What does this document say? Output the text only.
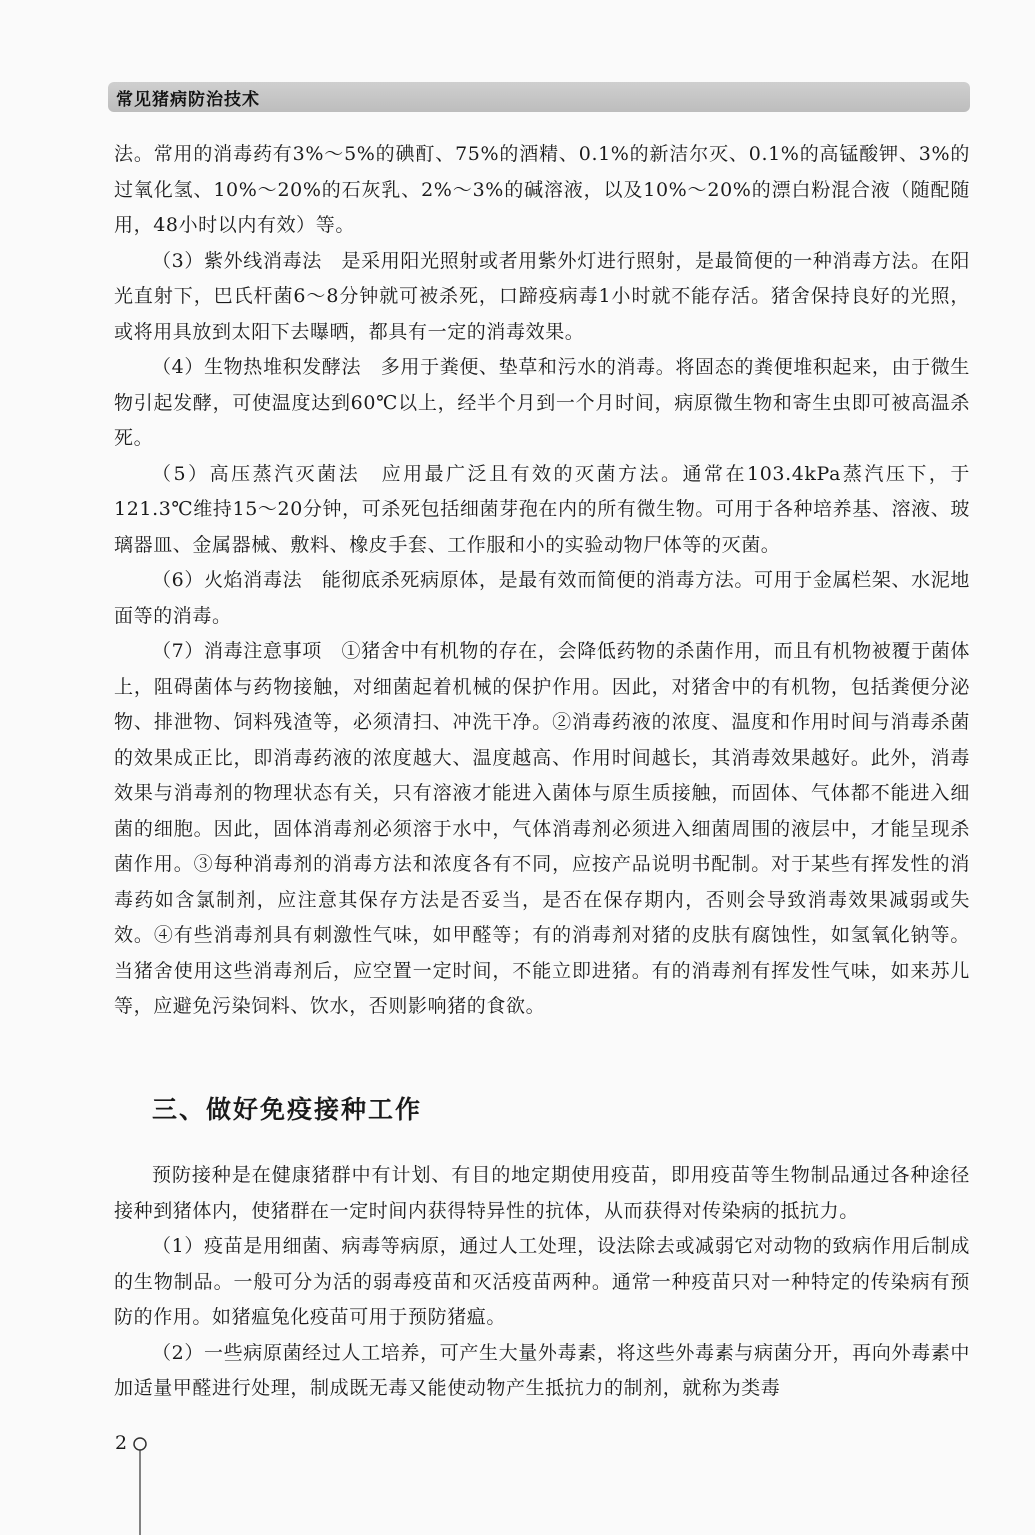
常见猪病防治技术

法。常用的消毒药有3%～5%的碘酊、75%的酒精、0.1%的新洁尔灭、0.1%的高锰酸钾、3%的过氧化氢、10%～20%的石灰乳、2%～3%的碱溶液，以及10%～20%的漂白粉混合液（随配随用，48小时以内有效）等。

（3）紫外线消毒法　是采用阳光照射或者用紫外灯进行照射，是最简便的一种消毒方法。在阳光直射下，巴氏杆菌6～8分钟就可被杀死，口蹄疫病毒1小时就不能存活。猪舍保持良好的光照，或将用具放到太阳下去曝晒，都具有一定的消毒效果。

（4）生物热堆积发酵法　多用于粪便、垫草和污水的消毒。将固态的粪便堆积起来，由于微生物引起发酵，可使温度达到60℃以上，经半个月到一个月时间，病原微生物和寄生虫即可被高温杀死。

（5）高压蒸汽灭菌法　应用最广泛且有效的灭菌方法。通常在103.4kPa蒸汽压下，于121.3℃维持15～20分钟，可杀死包括细菌芽孢在内的所有微生物。可用于各种培养基、溶液、玻璃器皿、金属器械、敷料、橡皮手套、工作服和小的实验动物尸体等的灭菌。

（6）火焰消毒法　能彻底杀死病原体，是最有效而简便的消毒方法。可用于金属栏架、水泥地面等的消毒。

（7）消毒注意事项　①猪舍中有机物的存在，会降低药物的杀菌作用，而且有机物被覆于菌体上，阻碍菌体与药物接触，对细菌起着机械的保护作用。因此，对猪舍中的有机物，包括粪便分泌物、排泄物、饲料残渣等，必须清扫、冲洗干净。②消毒药液的浓度、温度和作用时间与消毒杀菌的效果成正比，即消毒药液的浓度越大、温度越高、作用时间越长，其消毒效果越好。此外，消毒效果与消毒剂的物理状态有关，只有溶液才能进入菌体与原生质接触，而固体、气体都不能进入细菌的细胞。因此，固体消毒剂必须溶于水中，气体消毒剂必须进入细菌周围的液层中，才能呈现杀菌作用。③每种消毒剂的消毒方法和浓度各有不同，应按产品说明书配制。对于某些有挥发性的消毒药如含氯制剂，应注意其保存方法是否妥当，是否在保存期内，否则会导致消毒效果减弱或失效。④有些消毒剂具有刺激性气味，如甲醛等；有的消毒剂对猪的皮肤有腐蚀性，如氢氧化钠等。当猪舍使用这些消毒剂后，应空置一定时间，不能立即进猪。有的消毒剂有挥发性气味，如来苏儿等，应避免污染饲料、饮水，否则影响猪的食欲。

三、做好免疫接种工作

预防接种是在健康猪群中有计划、有目的地定期使用疫苗，即用疫苗等生物制品通过各种途径接种到猪体内，使猪群在一定时间内获得特异性的抗体，从而获得对传染病的抵抗力。

（1）疫苗是用细菌、病毒等病原，通过人工处理，设法除去或减弱它对动物的致病作用后制成的生物制品。一般可分为活的弱毒疫苗和灭活疫苗两种。通常一种疫苗只对一种特定的传染病有预防的作用。如猪瘟兔化疫苗可用于预防猪瘟。

（2）一些病原菌经过人工培养，可产生大量外毒素，将这些外毒素与病菌分开，再向外毒素中加适量甲醛进行处理，制成既无毒又能使动物产生抵抗力的制剂，就称为类毒

2
